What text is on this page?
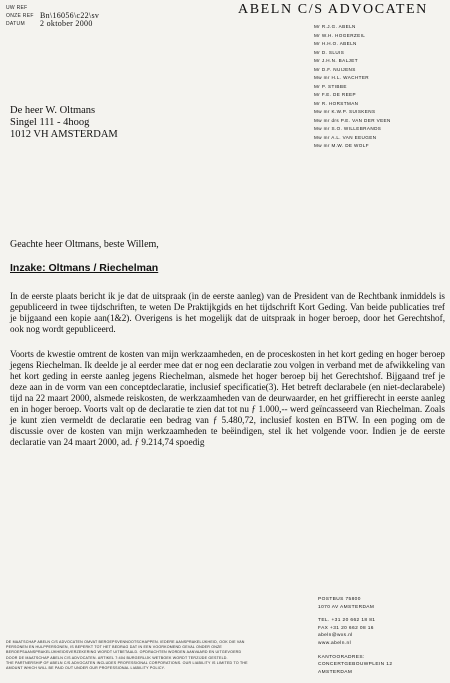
UW REF
ONZE REF Bn\16056\c22\sv
DATUM	2 oktober 2000
ABELN C/S ADVOCATEN
Mr R.J.G. ABELN
Mr W.H. HOGERZEIL
Mr H.H.O. ABELN
Mr D. SLUIS
Mr J.H.N. BALJET
Mr D.F. NUIJENS
Mw mr H.L. WACHTER
Mr P. STIBBE
Mr F.E. DE REEP
Mr R. HORSTMAN
Mw mr K.W.P. SUISKENS
Mw mr drs P.E. VAN DER VEEN
Mw mr S.O. WILLEBRANDS
Mw mr A.L. VAN EEUGEN
Mw mr M.W. DE WOLF
De heer W. Oltmans
Singel 111 - 4hoog
1012 VH AMSTERDAM
Geachte heer Oltmans, beste Willem,
Inzake: Oltmans / Riechelman

In de eerste plaats bericht ik je dat de uitspraak (in de eerste aanleg) van de President van de Rechtbank inmiddels is gepubliceerd in twee tijdschriften, te weten De Praktijkgids en het tijdschrift Kort Geding. Van beide publicaties tref je bijgaand een kopie aan(1&2). Overigens is het mogelijk dat de uitspraak in hoger beroep, door het Gerechtshof, ook nog wordt gepubliceerd.

Voorts de kwestie omtrent de kosten van mijn werkzaamheden, en de proceskosten in het kort geding en hoger beroep jegens Riechelman. Ik deelde je al eerder mee dat er nog een declaratie zou volgen in verband met de afwikkeling van het kort geding in eerste aanleg jegens Riechelman, alsmede het hoger beroep bij het Gerechtshof. Bijgaand tref je deze aan in de vorm van een conceptdeclaratie, inclusief specificatie(3). Het betreft declarabele (en niet-declarabele) tijd na 22 maart 2000, alsmede reiskosten, de werkzaamheden van de deurwaarder, en het griffierecht in eerste aanleg en in hoger beroep. Voorts valt op de declaratie te zien dat tot nu ƒ 1.000,-- werd geïncasseerd van Riechelman. Zoals je kunt zien vermeldt de declaratie een bedrag van ƒ 5.480,72, inclusief kosten en BTW. In een poging om de discussie over de kosten van mijn werkzaamheden te beëindigen, stel ik het volgende voor. Indien je de eerste declaratie van 24 maart 2000, ad. ƒ 9.214,74 spoedig

POSTBUS 75800
1070 AV AMSTERDAM
TEL. +31 20 662 18 81
FAX +31 20 662 08 16
abeln@wxs.nl
www.abeln.nl
KANTOORADRES:
CONCERTGEBOUWPLEIN 12
AMSTERDAM
DE MAATSCHAP ABELN C/S ADVOCATEN OMVAT BEROEPSVENNOOTSCHAPPEN. IEDERE AANSPRAKELIJKHEID, OOK DIE VAN
PERSONEN EN HULPPERSONEN, IS BEPERKT TOT HET BEDRAG DAT IN EEN VOORKOMEND GEVAL ONDER ONZE
BEROEPSAANSPRAKELIJKHEIDSVERZEKERING WORDT UITBETAALD. OPDRACHTEN WORDEN AANVAARD EN UITGEVOERD
DOOR DE MAATSCHAP ABELN C/S ADVOCATEN. ARTIKEL 7:404 BURGERLIJK WETBOEK WORDT TERZIJDE GESTELD.
THE PARTNERSHIP OF ABELN C/S ADVOCATEN INCLUDES PROFESSIONAL CORPORATIONS. OUR LIABILITY IS LIMITED TO THE
AMOUNT WHICH WILL BE PAID OUT UNDER OUR PROFESSIONAL LIABILITY POLICY.
